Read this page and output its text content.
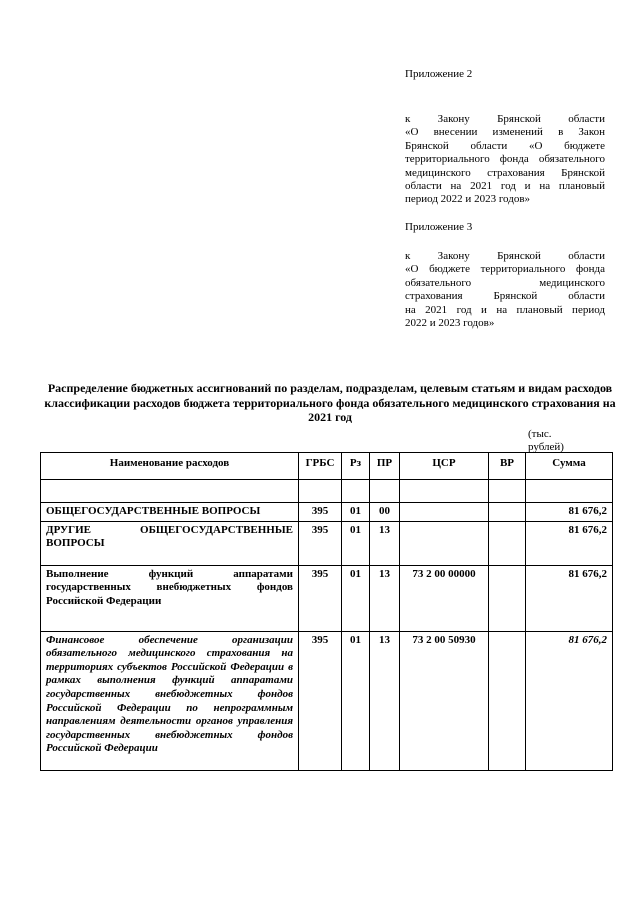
Приложение 2
к Закону Брянской области
«О внесении изменений в Закон
Брянской области «О бюджете
территориального фонда обязательного
медицинского страхования Брянской
области на 2021 год и на плановый
период 2022 и 2023 годов»
Приложение 3
к Закону Брянской области
«О бюджете территориального фонда
обязательного медицинского
страхования Брянской области
на 2021 год и на плановый период
2022 и 2023 годов»
Распределение бюджетных ассигнований по разделам, подразделам, целевым статьям и видам расходов классификации расходов бюджета территориального фонда обязательного медицинского страхования на 2021 год
(тыс. рублей)
Наименование расходов	ГРБС	Рз	ПР	ЦСР	ВР	Сумма

ОБЩЕГОСУДАРСТВЕННЫЕ ВОПРОСЫ	395	01	00			81 676,2
ДРУГИЕ ОБЩЕГОСУДАРСТВЕННЫЕ ВОПРОСЫ	395	01	13			81 676,2
Выполнение функций аппаратами государственных внебюджетных фондов Российской Федерации	395	01	13	73 2 00 00000		81 676,2
Финансовое обеспечение организации обязательного медицинского страхования на территориях субъектов Российской Федерации в рамках выполнения функций аппаратами государственных внебюджетных фондов Российской Федерации по непрограммным направлениям деятельности органов управления государственных внебюджетных фондов Российской Федерации	395	01	13	73 2 00 50930		81 676,2
